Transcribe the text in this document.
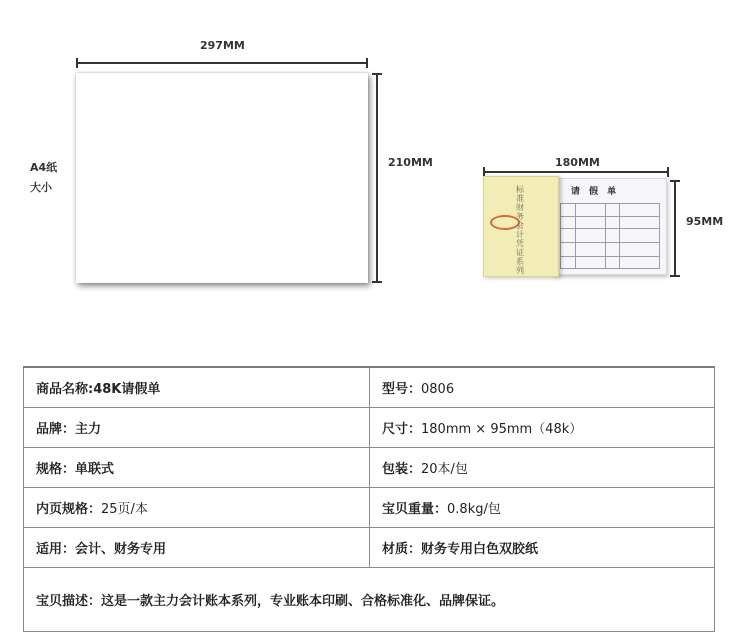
297MM
210MM
A4纸
大小
180MM
请 假 单
标准财务会计凭证系列
95MM
商品名称:48K请假单	型号：0806
品牌：主力	尺寸：180mm × 95mm（48k）
规格：单联式	包装：20本/包
内页规格：25页/本	宝贝重量：0.8kg/包
适用：会计、财务专用	材质：财务专用白色双胶纸
宝贝描述：这是一款主力会计账本系列，专业账本印刷、合格标准化、品牌保证。	
